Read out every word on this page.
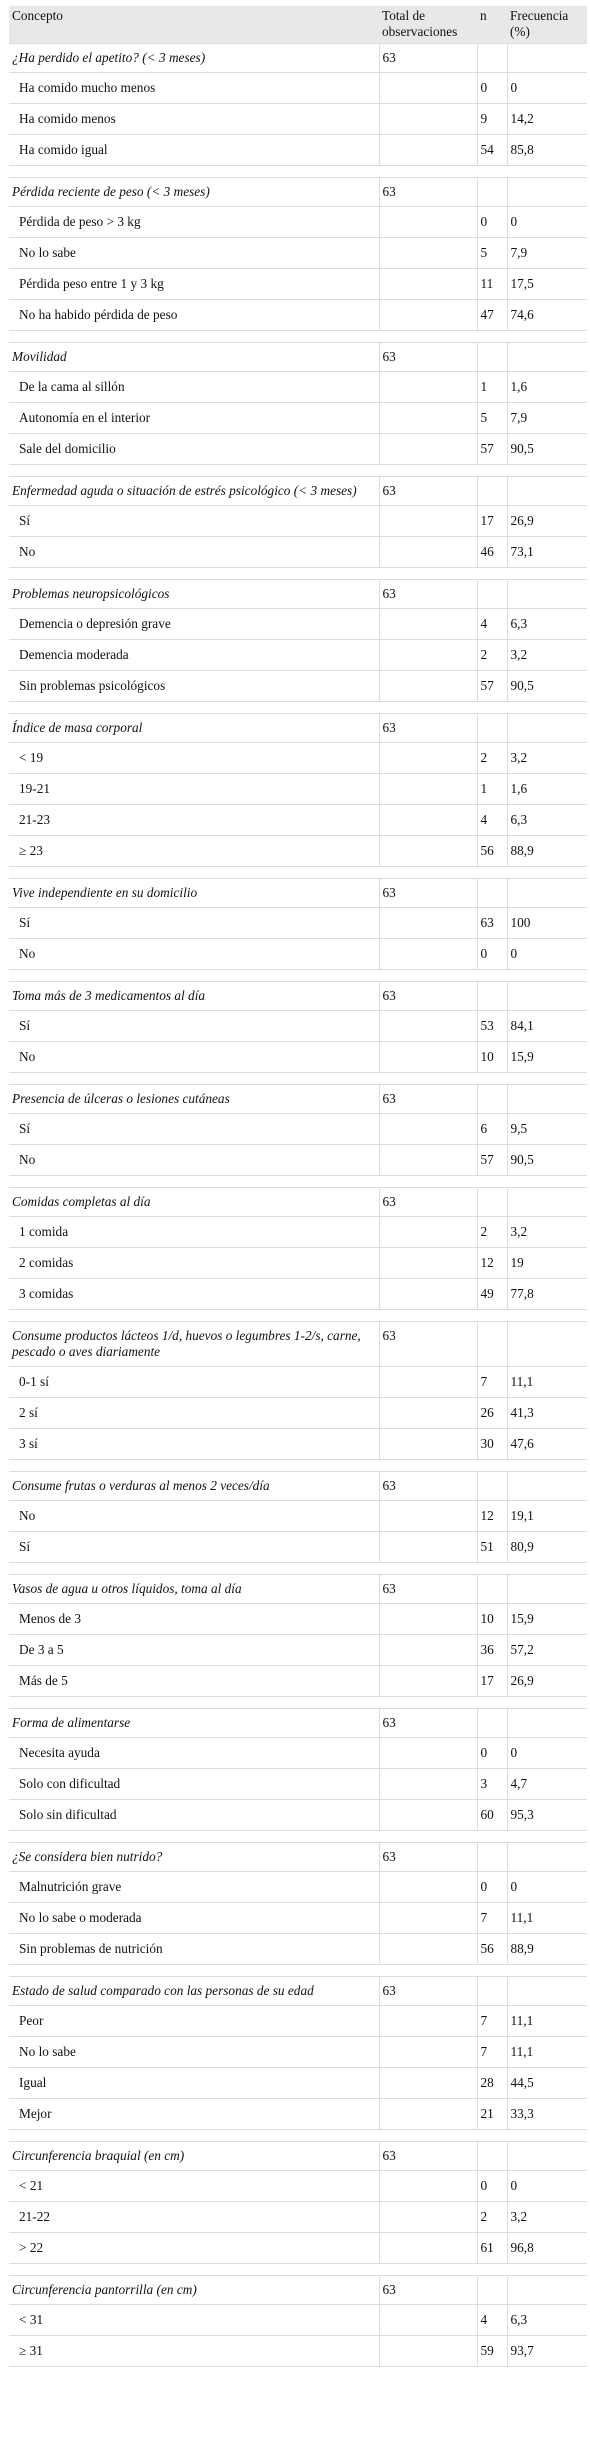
Concepto	Total de observaciones	n	Frecuencia (%)
¿Ha perdido el apetito? (< 3 meses)	63		
Ha comido mucho menos		0	0
Ha comido menos		9	14,2
Ha comido igual		54	85,8

Pérdida reciente de peso (< 3 meses)	63		
Pérdida de peso > 3 kg		0	0
No lo sabe		5	7,9
Pérdida peso entre 1 y 3 kg		11	17,5
No ha habido pérdida de peso		47	74,6

Movilidad	63		
De la cama al sillón		1	1,6
Autonomía en el interior		5	7,9
Sale del domicilio		57	90,5

Enfermedad aguda o situación de estrés psicológico (< 3 meses)	63		
Sí		17	26,9
No		46	73,1

Problemas neuropsicológicos	63		
Demencia o depresión grave		4	6,3
Demencia moderada		2	3,2
Sin problemas psicológicos		57	90,5

Índice de masa corporal	63		
< 19		2	3,2
19-21		1	1,6
21-23		4	6,3
≥ 23		56	88,9

Vive independiente en su domicilio	63		
Sí		63	100
No		0	0

Toma más de 3 medicamentos al día	63		
Sí		53	84,1
No		10	15,9

Presencia de úlceras o lesiones cutáneas	63		
Sí		6	9,5
No		57	90,5

Comidas completas al día	63		
1 comida		2	3,2
2 comidas		12	19
3 comidas		49	77,8

Consume productos lácteos 1/d, huevos o legumbres 1-2/s, carne, pescado o aves diariamente	63		
0-1 sí		7	11,1
2 sí		26	41,3
3 sí		30	47,6

Consume frutas o verduras al menos 2 veces/día	63		
No		12	19,1
Sí		51	80,9

Vasos de agua u otros líquidos, toma al día	63		
Menos de 3		10	15,9
De 3 a 5		36	57,2
Más de 5		17	26,9

Forma de alimentarse	63		
Necesita ayuda		0	0
Solo con dificultad		3	4,7
Solo sin dificultad		60	95,3

¿Se considera bien nutrido?	63		
Malnutrición grave		0	0
No lo sabe o moderada		7	11,1
Sin problemas de nutrición		56	88,9

Estado de salud comparado con las personas de su edad	63		
Peor		7	11,1
No lo sabe		7	11,1
Igual		28	44,5
Mejor		21	33,3

Circunferencia braquial (en cm)	63		
< 21		0	0
21-22		2	3,2
> 22		61	96,8

Circunferencia pantorrilla (en cm)	63		
< 31		4	6,3
≥ 31		59	93,7
